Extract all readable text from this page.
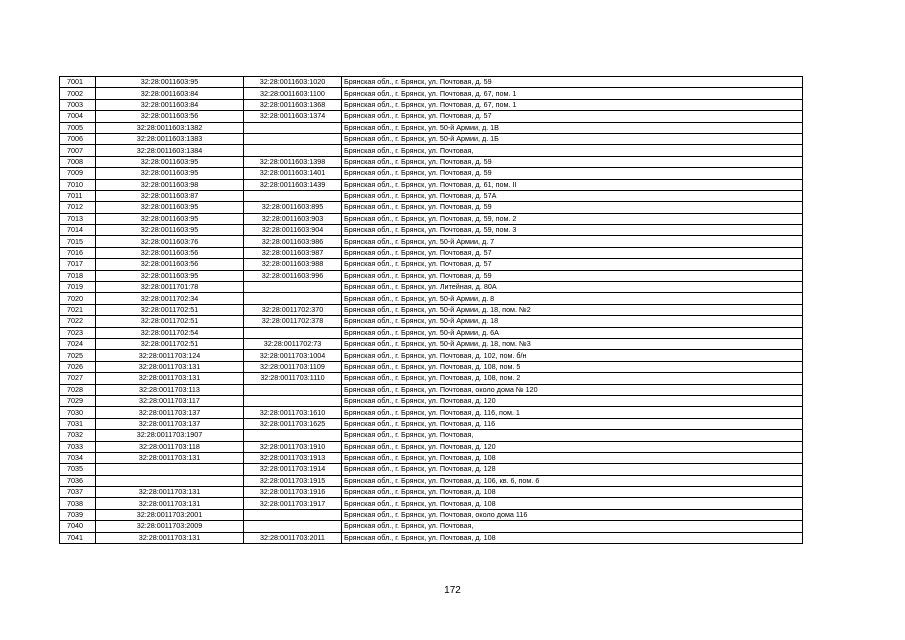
7001	32:28:0011603:95	32:28:0011603:1020	Брянская обл., г. Брянск, ул. Почтовая, д. 59
7002	32:28:0011603:84	32:28:0011603:1100	Брянская обл., г. Брянск, ул. Почтовая, д. 67, пом. 1
7003	32:28:0011603:84	32:28:0011603:1368	Брянская обл., г. Брянск, ул. Почтовая, д. 67, пом. 1
7004	32:28:0011603:56	32:28:0011603:1374	Брянская обл., г. Брянск, ул. Почтовая, д. 57
7005	32:28:0011603:1382		Брянская обл., г. Брянск, ул. 50-й Армии, д. 1В
7006	32:28:0011603:1383		Брянская обл., г. Брянск, ул. 50-й Армии, д. 1Б
7007	32:28:0011603:1384		Брянская обл., г. Брянск, ул. Почтовая,
7008	32:28:0011603:95	32:28:0011603:1398	Брянская обл., г. Брянск, ул. Почтовая, д. 59
7009	32:28:0011603:95	32:28:0011603:1401	Брянская обл., г. Брянск, ул. Почтовая, д. 59
7010	32:28:0011603:98	32:28:0011603:1439	Брянская обл., г. Брянск, ул. Почтовая, д. 61, пом. II
7011	32:28:0011603:87		Брянская обл., г. Брянск, ул. Почтовая, д. 57А
7012	32:28:0011603:95	32:28:0011603:895	Брянская обл., г. Брянск, ул. Почтовая, д. 59
7013	32:28:0011603:95	32:28:0011603:903	Брянская обл., г. Брянск, ул. Почтовая, д. 59, пом. 2
7014	32:28:0011603:95	32:28:0011603:904	Брянская обл., г. Брянск, ул. Почтовая, д. 59, пом. 3
7015	32:28:0011603:76	32:28:0011603:986	Брянская обл., г. Брянск, ул. 50-й Армии, д. 7
7016	32:28:0011603:56	32:28:0011603:987	Брянская обл., г. Брянск, ул. Почтовая, д. 57
7017	32:28:0011603:56	32:28:0011603:988	Брянская обл., г. Брянск, ул. Почтовая, д. 57
7018	32:28:0011603:95	32:28:0011603:996	Брянская обл., г. Брянск, ул. Почтовая, д. 59
7019	32:28:0011701:78		Брянская обл., г. Брянск, ул. Литейная, д. 80А
7020	32:28:0011702:34		Брянская обл., г. Брянск, ул. 50-й Армии, д. 8
7021	32:28:0011702:51	32:28:0011702:370	Брянская обл., г. Брянск, ул. 50-й Армии, д. 18, пом. №2
7022	32:28:0011702:51	32:28:0011702:378	Брянская обл., г. Брянск, ул. 50-й Армии, д. 18
7023	32:28:0011702:54		Брянская обл., г. Брянск, ул. 50-й Армии, д. 6А
7024	32:28:0011702:51	32:28:0011702:73	Брянская обл., г. Брянск, ул. 50-й Армии, д. 18, пом. №3
7025	32:28:0011703:124	32:28:0011703:1004	Брянская обл., г. Брянск, ул. Почтовая, д. 102, пом. б/н
7026	32:28:0011703:131	32:28:0011703:1109	Брянская обл., г. Брянск, ул. Почтовая, д. 108, пом. 5
7027	32:28:0011703:131	32:28:0011703:1110	Брянская обл., г. Брянск, ул. Почтовая, д. 108, пом. 2
7028	32:28:0011703:113		Брянская обл., г. Брянск, ул. Почтовая, около дома № 120
7029	32:28:0011703:117		Брянская обл., г. Брянск, ул. Почтовая, д. 120
7030	32:28:0011703:137	32:28:0011703:1610	Брянская обл., г. Брянск, ул. Почтовая, д. 116, пом. 1
7031	32:28:0011703:137	32:28:0011703:1625	Брянская обл., г. Брянск, ул. Почтовая, д. 116
7032	32:28:0011703:1907		Брянская обл., г. Брянск, ул. Почтовая,
7033	32:28:0011703:118	32:28:0011703:1910	Брянская обл., г. Брянск, ул. Почтовая, д. 120
7034	32:28:0011703:131	32:28:0011703:1913	Брянская обл., г. Брянск, ул. Почтовая, д. 108
7035		32:28:0011703:1914	Брянская обл., г. Брянск, ул. Почтовая, д. 128
7036		32:28:0011703:1915	Брянская обл., г. Брянск, ул. Почтовая, д. 106, кв. 6, пом. 6
7037	32:28:0011703:131	32:28:0011703:1916	Брянская обл., г. Брянск, ул. Почтовая, д. 108
7038	32:28:0011703:131	32:28:0011703:1917	Брянская обл., г. Брянск, ул. Почтовая, д. 108
7039	32:28:0011703:2001		Брянская обл., г. Брянск, ул. Почтовая, около дома 116
7040	32:28:0011703:2009		Брянская обл., г. Брянск, ул. Почтовая,
7041	32:28:0011703:131	32:28:0011703:2011	Брянская обл., г. Брянск, ул. Почтовая, д. 108
172
